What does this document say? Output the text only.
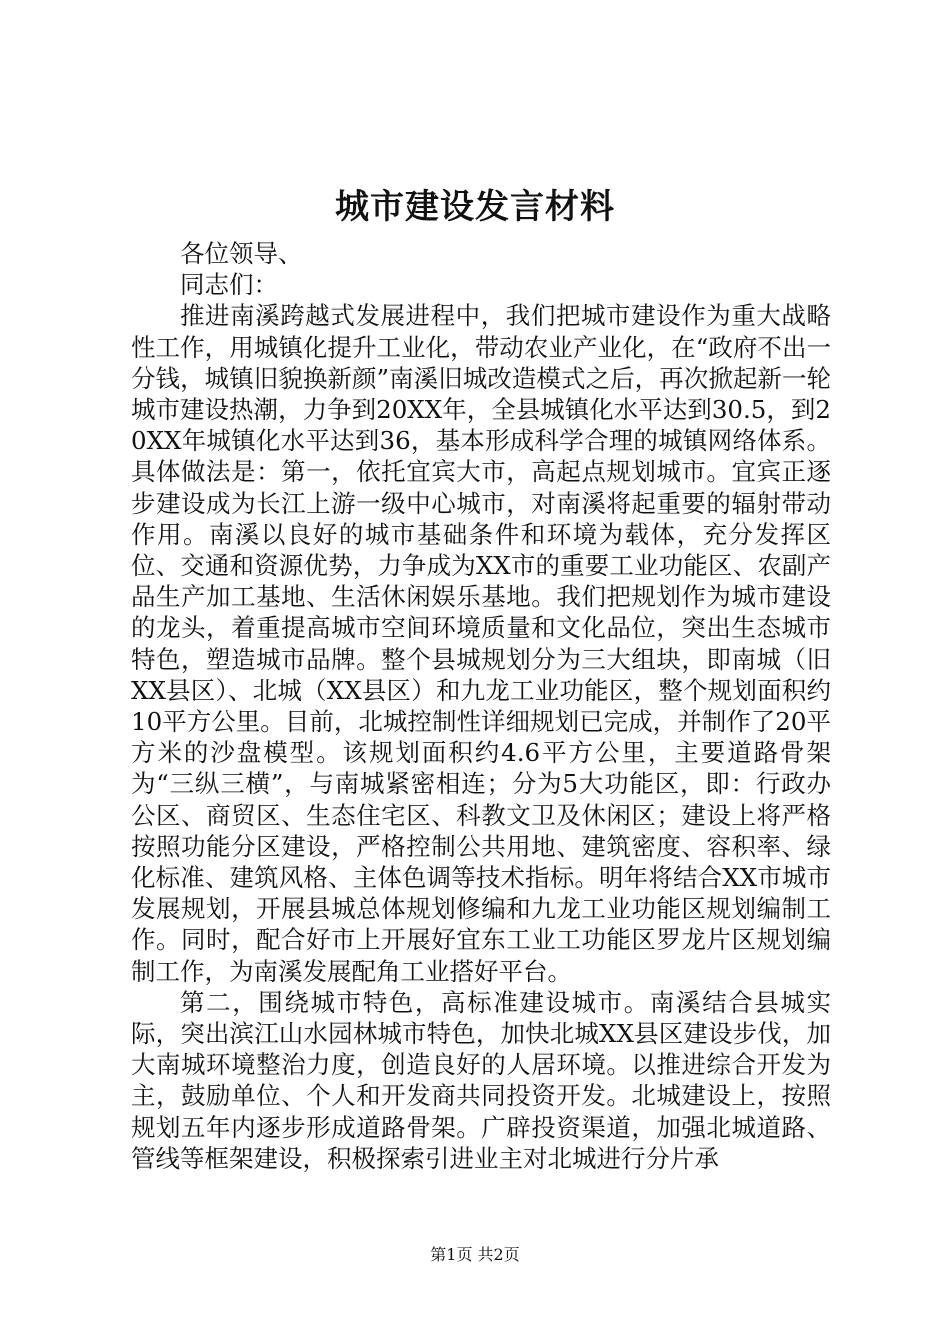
城市建设发言材料

各位领导、

同志们：

推进南溪跨越式发展进程中，我们把城市建设作为重大战略性工作，用城镇化提升工业化，带动农业产业化，在“政府不出一分钱，城镇旧貌换新颜”南溪旧城改造模式之后，再次掀起新一轮城市建设热潮，力争到20XX年，全县城镇化水平达到30.5，到20XX年城镇化水平达到36，基本形成科学合理的城镇网络体系。具体做法是：第一，依托宜宾大市，高起点规划城市。宜宾正逐步建设成为长江上游一级中心城市，对南溪将起重要的辐射带动作用。南溪以良好的城市基础条件和环境为载体，充分发挥区位、交通和资源优势，力争成为XX市的重要工业功能区、农副产品生产加工基地、生活休闲娱乐基地。我们把规划作为城市建设的龙头，着重提高城市空间环境质量和文化品位，突出生态城市特色，塑造城市品牌。整个县城规划分为三大组块，即南城（旧XX县区）、北城（XX县区）和九龙工业功能区，整个规划面积约10平方公里。目前，北城控制性详细规划已完成，并制作了20平方米的沙盘模型。该规划面积约4.6平方公里，主要道路骨架为“三纵三横”，与南城紧密相连；分为5大功能区，即：行政办公区、商贸区、生态住宅区、科教文卫及休闲区；建设上将严格按照功能分区建设，严格控制公共用地、建筑密度、容积率、绿化标准、建筑风格、主体色调等技术指标。明年将结合XX市城市发展规划，开展县城总体规划修编和九龙工业功能区规划编制工作。同时，配合好市上开展好宜东工业工功能区罗龙片区规划编制工作，为南溪发展配角工业搭好平台。

第二，围绕城市特色，高标准建设城市。南溪结合县城实际，突出滨江山水园林城市特色，加快北城XX县区建设步伐，加大南城环境整治力度，创造良好的人居环境。以推进综合开发为主，鼓励单位、个人和开发商共同投资开发。北城建设上，按照规划五年内逐步形成道路骨架。广辟投资渠道，加强北城道路、管线等框架建设，积极探索引进业主对北城进行分片承

第1页 共2页
